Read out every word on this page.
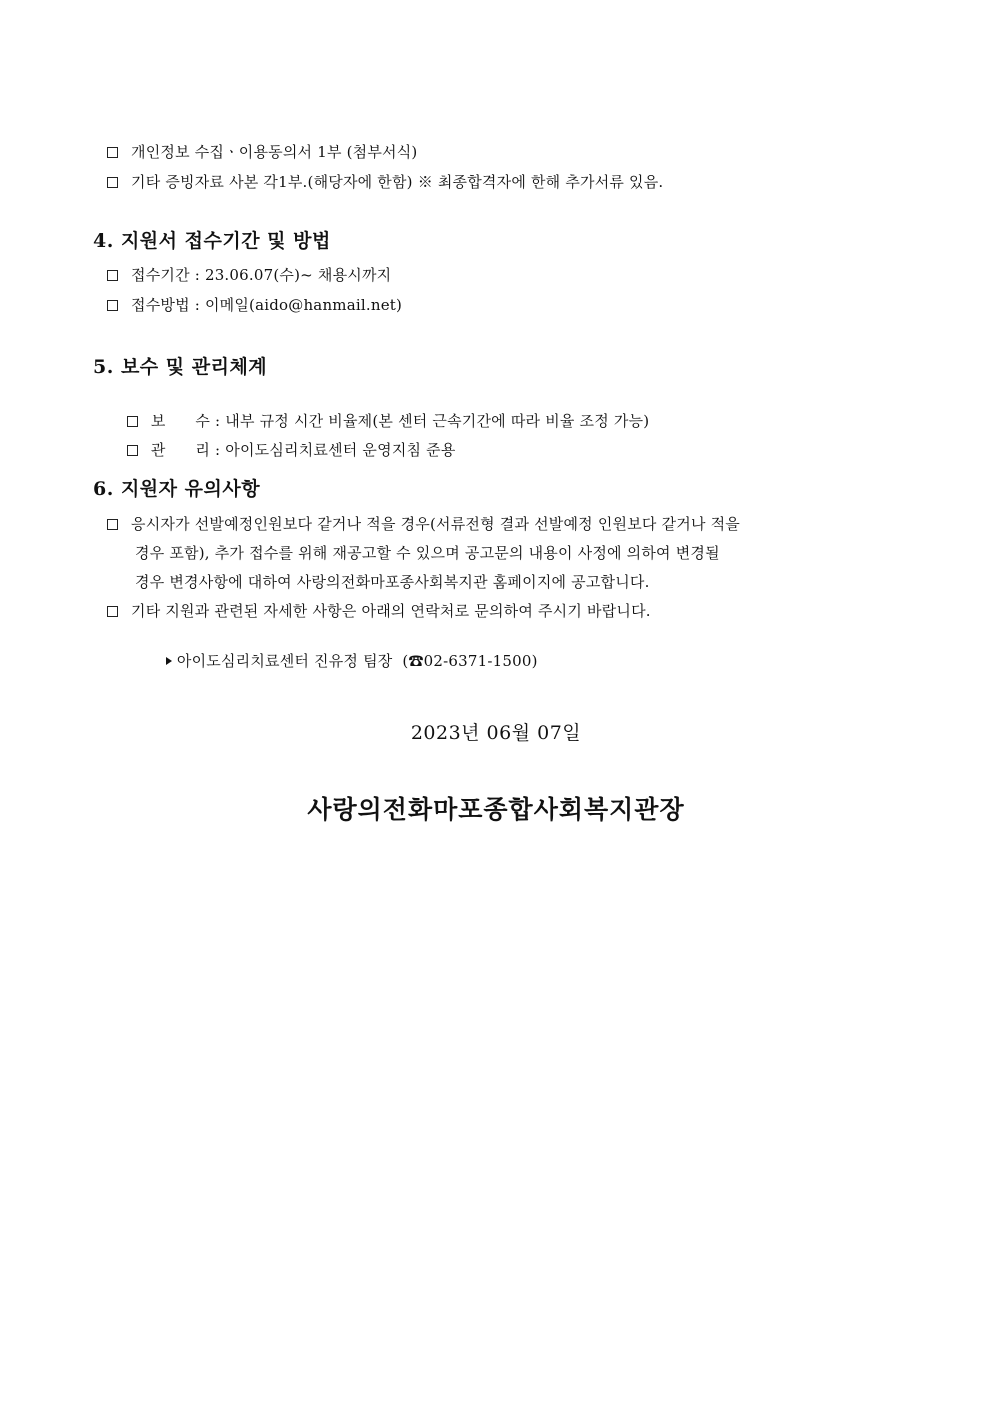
개인정보 수집ㆍ이용동의서 1부 (첨부서식)
기타 증빙자료 사본 각1부.(해당자에 한함) ※ 최종합격자에 한해 추가서류 있음.
4. 지원서 접수기간 및 방법
접수기간 : 23.06.07(수)~ 채용시까지
접수방법 : 이메일(aido@hanmail.net)
5. 보수 및 관리체계

보      수 : 내부 규정 시간 비율제(본 센터 근속기간에 따라 비율 조정 가능)

관      리 : 아이도심리치료센터 운영지침 준용

6. 지원자 유의사항
응시자가 선발예정인원보다 같거나 적을 경우(서류전형 결과 선발예정 인원보다 같거나 적을
경우 포함), 추가 접수를 위해 재공고할 수 있으며 공고문의 내용이 사정에 의하여 변경될
경우 변경사항에 대하여 사랑의전화마포종사회복지관 홈페이지에 공고합니다.
기타 지원과 관련된 자세한 사항은 아래의 연락처로 문의하여 주시기 바랍니다.

아이도심리치료센터 진유정 팀장  (☎02-6371-1500)

2023년 06월 07일
사랑의전화마포종합사회복지관장
